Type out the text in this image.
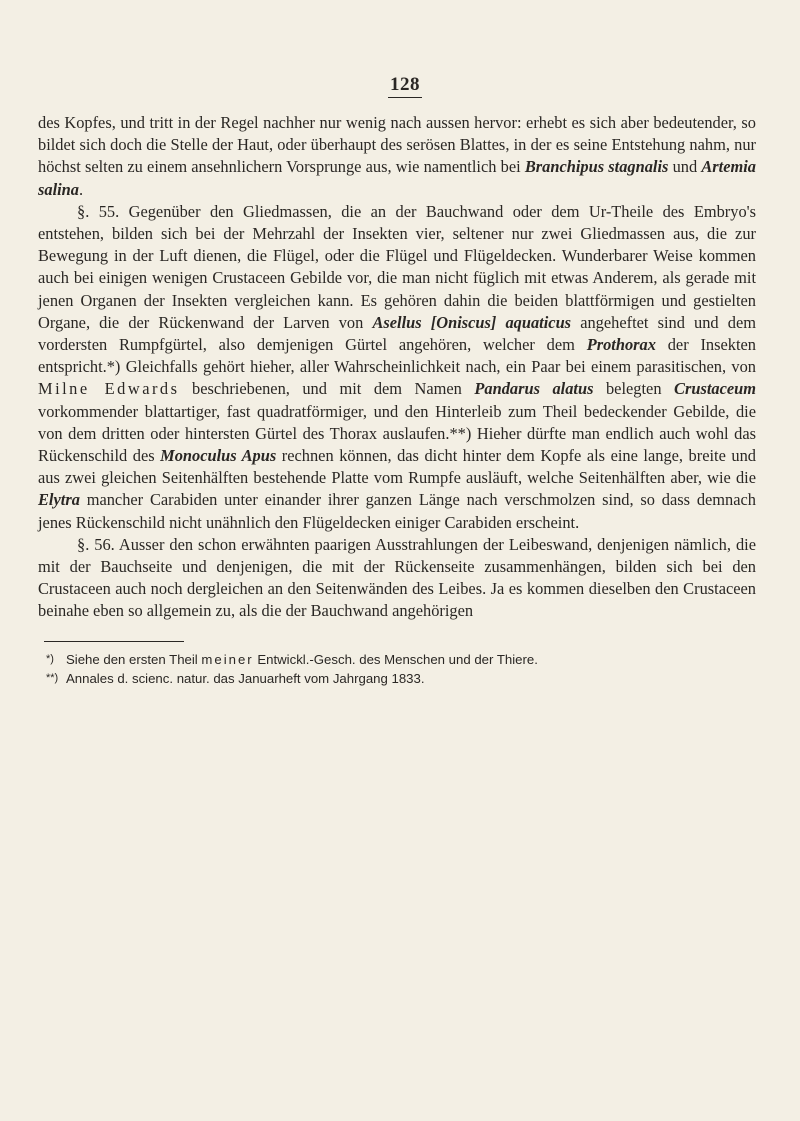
128

des Kopfes, und tritt in der Regel nachher nur wenig nach aussen hervor: erhebt es sich aber bedeutender, so bildet sich doch die Stelle der Haut, oder überhaupt des serösen Blattes, in der es seine Entstehung nahm, nur höchst selten zu einem ansehnlichern Vorsprunge aus, wie namentlich bei Branchipus stagnalis und Artemia salina.

§. 55. Gegenüber den Gliedmassen, die an der Bauchwand oder dem Ur-Theile des Embryo's entstehen, bilden sich bei der Mehrzahl der Insekten vier, seltener nur zwei Gliedmassen aus, die zur Bewegung in der Luft dienen, die Flügel, oder die Flügel und Flügeldecken. Wunderbarer Weise kommen auch bei einigen wenigen Crustaceen Gebilde vor, die man nicht füglich mit etwas Anderem, als gerade mit jenen Organen der Insekten vergleichen kann. Es gehören dahin die beiden blattförmigen und gestielten Organe, die der Rückenwand der Larven von Asellus [Oniscus] aquaticus angeheftet sind und dem vordersten Rumpfgürtel, also demjenigen Gürtel angehören, welcher dem Prothorax der Insekten entspricht.*) Gleichfalls gehört hieher, aller Wahrscheinlichkeit nach, ein Paar bei einem parasitischen, von Milne Edwards beschriebenen, und mit dem Namen Pandarus alatus belegten Crustaceum vorkommender blattartiger, fast quadratförmiger, und den Hinterleib zum Theil bedeckender Gebilde, die von dem dritten oder hintersten Gürtel des Thorax auslaufen.**) Hieher dürfte man endlich auch wohl das Rückenschild des Monoculus Apus rechnen können, das dicht hinter dem Kopfe als eine lange, breite und aus zwei gleichen Seitenhälften bestehende Platte vom Rumpfe ausläuft, welche Seitenhälften aber, wie die Elytra mancher Carabiden unter einander ihrer ganzen Länge nach verschmolzen sind, so dass demnach jenes Rückenschild nicht unähnlich den Flügeldecken einiger Carabiden erscheint.

§. 56. Ausser den schon erwähnten paarigen Ausstrahlungen der Leibeswand, denjenigen nämlich, die mit der Bauchseite und denjenigen, die mit der Rückenseite zusammenhängen, bilden sich bei den Crustaceen auch noch dergleichen an den Seitenwänden des Leibes. Ja es kommen dieselben den Crustaceen beinahe eben so allgemein zu, als die der Bauchwand angehörigen

*) Siehe den ersten Theil meiner Entwickl.-Gesch. des Menschen und der Thiere.

**) Annales d. scienc. natur. das Januarheft vom Jahrgang 1833.
